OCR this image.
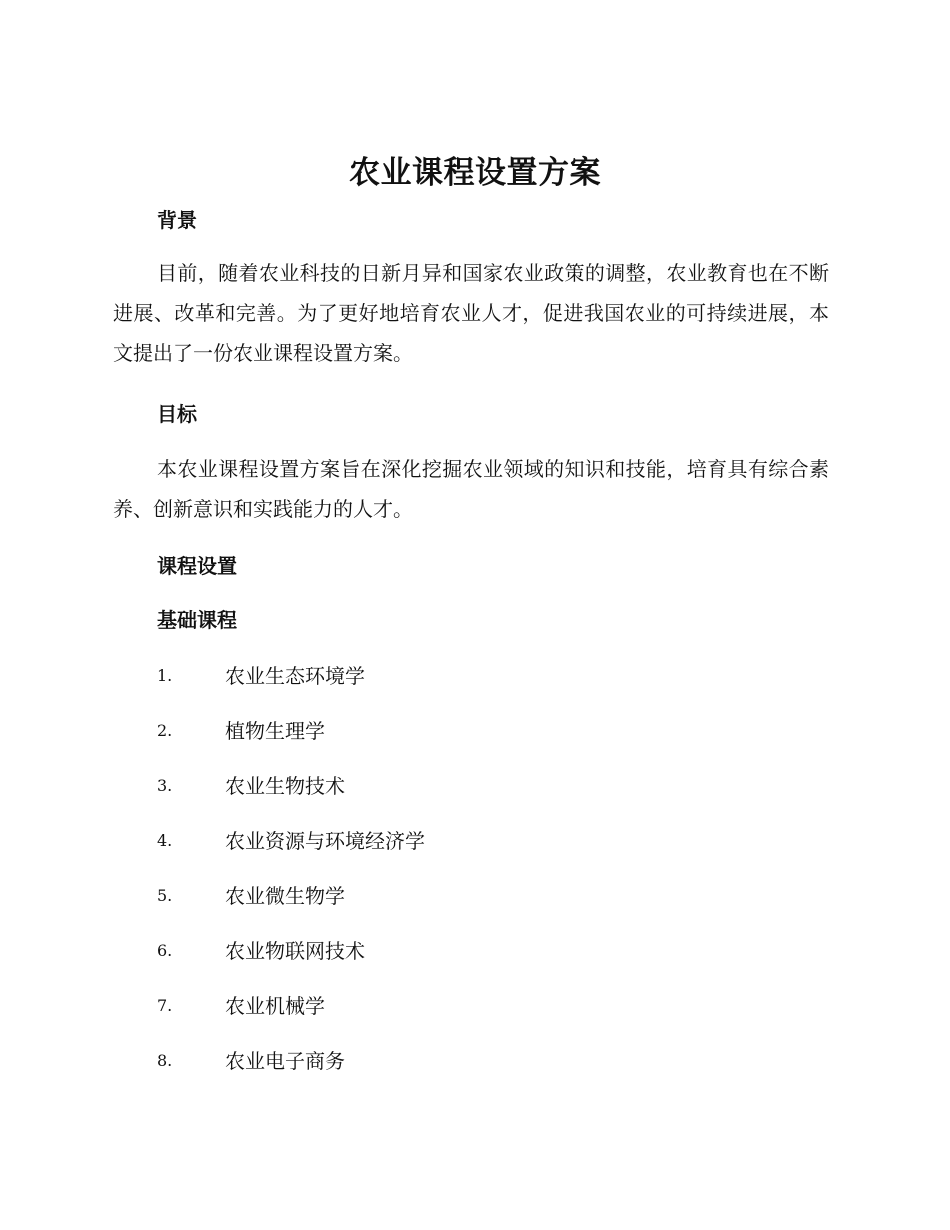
农业课程设置方案
背景
目前，随着农业科技的日新月异和国家农业政策的调整，农业教育也在不断进展、改革和完善。为了更好地培育农业人才，促进我国农业的可持续进展，本文提出了一份农业课程设置方案。
目标
本农业课程设置方案旨在深化挖掘农业领域的知识和技能，培育具有综合素养、创新意识和实践能力的人才。
课程设置
基础课程
1.	农业生态环境学
2.	植物生理学
3.	农业生物技术
4.	农业资源与环境经济学
5.	农业微生物学
6.	农业物联网技术
7.	农业机械学
8.	农业电子商务
